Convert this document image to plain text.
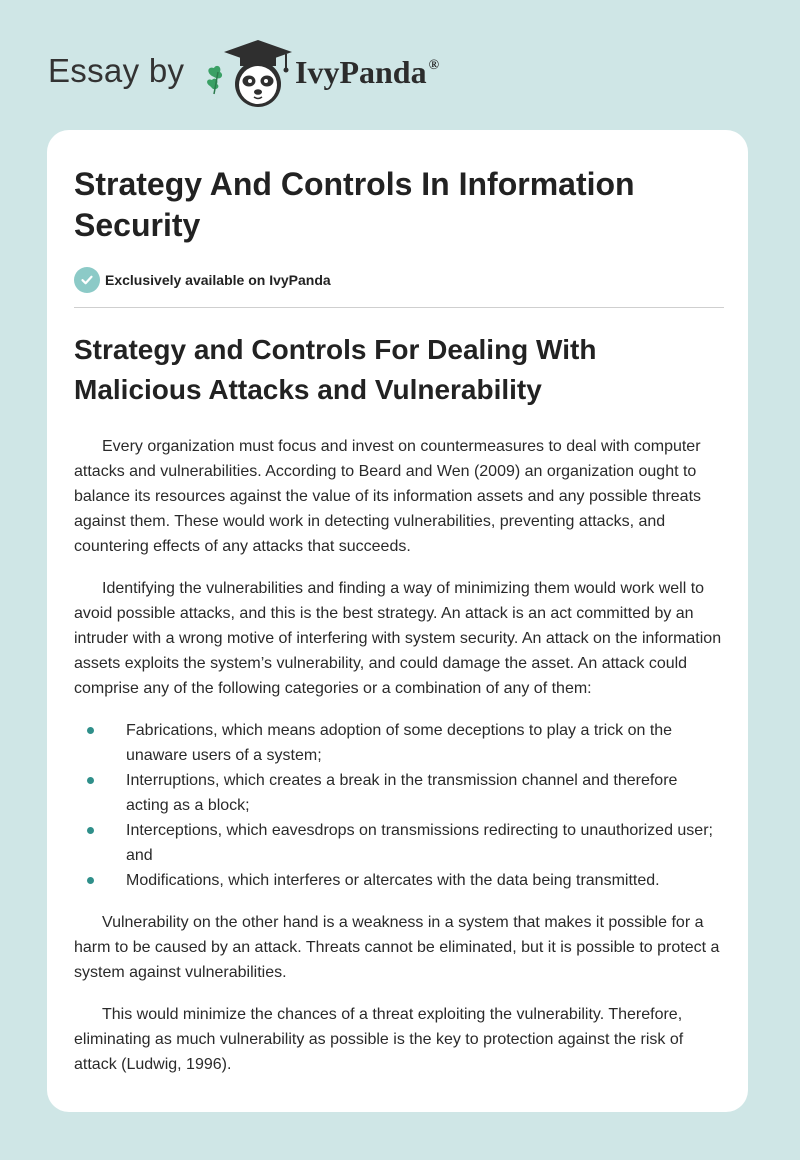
Essay by	IvyPanda ®
Strategy And Controls In Information Security
Exclusively available on IvyPanda
Strategy and Controls For Dealing With Malicious Attacks and Vulnerability

Every organization must focus and invest on countermeasures to deal with computer attacks and vulnerabilities. According to Beard and Wen (2009) an organization ought to balance its resources against the value of its information assets and any possible threats against them. These would work in detecting vulnerabilities, preventing attacks, and countering effects of any attacks that succeeds.

Identifying the vulnerabilities and finding a way of minimizing them would work well to avoid possible attacks, and this is the best strategy. An attack is an act committed by an intruder with a wrong motive of interfering with system security. An attack on the information assets exploits the system’s vulnerability, and could damage the asset. An attack could comprise any of the following categories or a combination of any of them:

Fabrications, which means adoption of some deceptions to play a trick on the unaware users of a system;
Interruptions, which creates a break in the transmission channel and therefore acting as a block;
Interceptions, which eavesdrops on transmissions redirecting to unauthorized user; and
Modifications, which interferes or altercates with the data being transmitted.

Vulnerability on the other hand is a weakness in a system that makes it possible for a harm to be caused by an attack. Threats cannot be eliminated, but it is possible to protect a system against vulnerabilities.

This would minimize the chances of a threat exploiting the vulnerability. Therefore, eliminating as much vulnerability as possible is the key to protection against the risk of attack (Ludwig, 1996).
